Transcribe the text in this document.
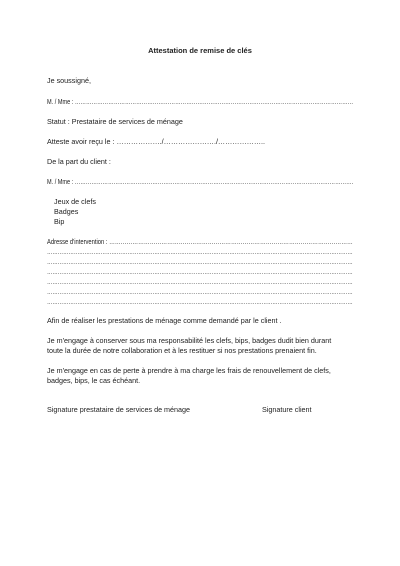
Attestation de remise de clés
Je soussigné,
M. / Mme : ……………………………………………………………………………………………………………………………………
Statut : Prestataire de services de ménage
Atteste avoir reçu le : ………………./…………………./………………..
De la part du client :
M. / Mme : …………………………………………………………………………………………………………………………………….
Jeux de clefs
Badges
Bip
Adresse d'intervention : ………………………………………………………………………………………………………………
………………………………………………………………………………………………………………………………………………………
………………………………………………………………………………………………………………………………………………………
………………………………………………………………………………………………………………………………………………………
………………………………………………………………………………………………………………………………………………………
………………………………………………………………………………………………………………………………………………………
………………………………………………………………………………………………………………………………………………………
Afin de réaliser les prestations de ménage comme demandé par le client .
Je m'engage à conserver sous ma responsabilité les clefs, bips, badges dudit bien durant
toute la durée de notre collaboration et à les restituer si nos prestations prenaient fin.
Je m'engage en cas de perte à prendre à ma charge les frais de renouvellement de clefs,
badges, bips, le cas échéant.
Signature prestataire de services de ménage	Signature client
